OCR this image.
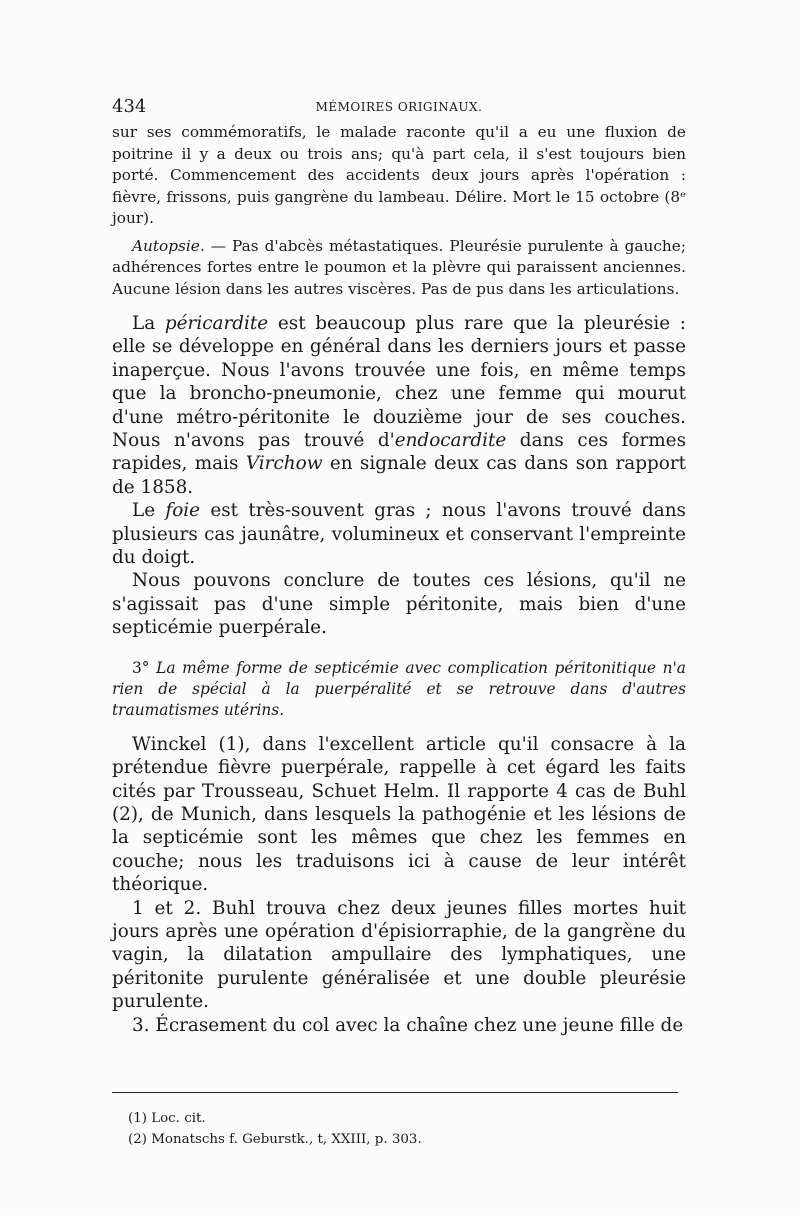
434	MÉMOIRES ORIGINAUX.

sur ses commémoratifs, le malade raconte qu'il a eu une fluxion de poitrine il y a deux ou trois ans; qu'à part cela, il s'est toujours bien porté. Commencement des accidents deux jours après l'opération : fièvre, frissons, puis gangrène du lambeau. Délire. Mort le 15 octobre (8ᵉ jour).

Autopsie. — Pas d'abcès métastatiques. Pleurésie purulente à gauche; adhérences fortes entre le poumon et la plèvre qui paraissent anciennes. Aucune lésion dans les autres viscères. Pas de pus dans les articulations.

La péricardite est beaucoup plus rare que la pleurésie : elle se développe en général dans les derniers jours et passe inaperçue. Nous l'avons trouvée une fois, en même temps que la broncho-pneumonie, chez une femme qui mourut d'une métro-péritonite le douzième jour de ses couches. Nous n'avons pas trouvé d'endocardite dans ces formes rapides, mais Virchow en signale deux cas dans son rapport de 1858.

Le foie est très-souvent gras ; nous l'avons trouvé dans plusieurs cas jaunâtre, volumineux et conservant l'empreinte du doigt.

Nous pouvons conclure de toutes ces lésions, qu'il ne s'agissait pas d'une simple péritonite, mais bien d'une septicémie puerpérale.

3° La même forme de septicémie avec complication péritonitique n'a rien de spécial à la puerpéralité et se retrouve dans d'autres traumatismes utérins.

Winckel (1), dans l'excellent article qu'il consacre à la prétendue fièvre puerpérale, rappelle à cet égard les faits cités par Trousseau, Schuet Helm. Il rapporte 4 cas de Buhl (2), de Munich, dans lesquels la pathogénie et les lésions de la septicémie sont les mêmes que chez les femmes en couche; nous les traduisons ici à cause de leur intérêt théorique.

1 et 2. Buhl trouva chez deux jeunes filles mortes huit jours après une opération d'épisiorraphie, de la gangrène du vagin, la dilatation ampullaire des lymphatiques, une péritonite purulente généralisée et une double pleurésie purulente.

3. Écrasement du col avec la chaîne chez une jeune fille de

(1) Loc. cit.
(2) Monatschs f. Geburstk., t, XXIII, p. 303.
